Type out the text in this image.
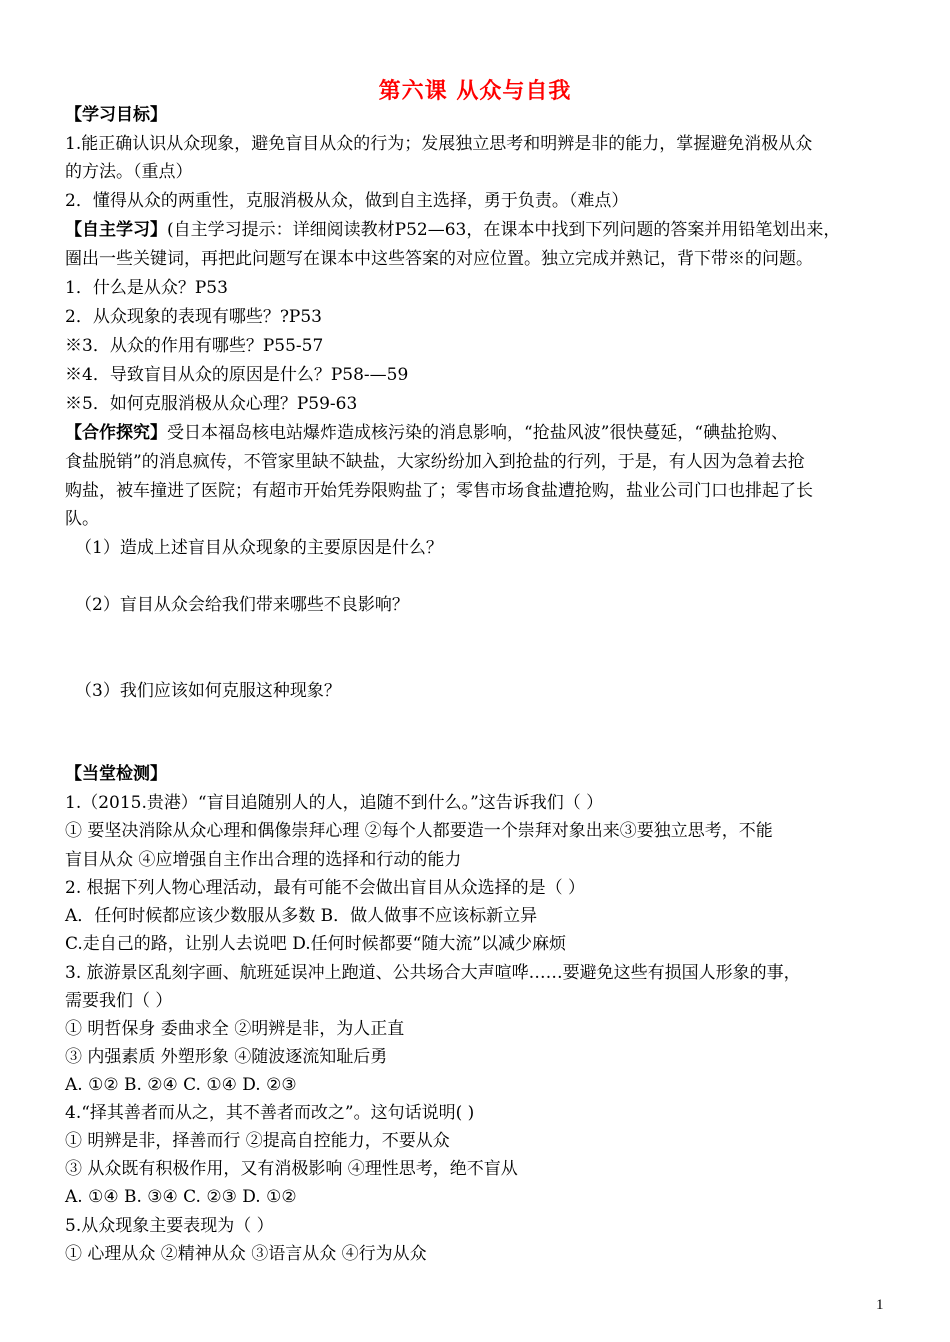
第六课 从众与自我
【学习目标】
1.能正确认识从众现象，避免盲目从众的行为；发展独立思考和明辨是非的能力，掌握避免消极从众
的方法。（重点）
2．懂得从众的两重性，克服消极从众，做到自主选择，勇于负责。（难点）
【自主学习】(自主学习提示：详细阅读教材P52—63，在课本中找到下列问题的答案并用铅笔划出来，
圈出一些关键词，再把此问题写在课本中这些答案的对应位置。独立完成并熟记，背下带※的问题。
1．什么是从众？P53
2．从众现象的表现有哪些？?P53
※3．从众的作用有哪些？P55-57
※4．导致盲目从众的原因是什么？P58-—59
※5．如何克服消极从众心理？P59-63
【合作探究】受日本福岛核电站爆炸造成核污染的消息影响，“抢盐风波”很快蔓延，“碘盐抢购、
食盐脱销”的消息疯传，不管家里缺不缺盐，大家纷纷加入到抢盐的行列，于是，有人因为急着去抢
购盐，被车撞进了医院；有超市开始凭券限购盐了；零售市场食盐遭抢购，盐业公司门口也排起了长
队。
（1）造成上述盲目从众现象的主要原因是什么？
（2）盲目从众会给我们带来哪些不良影响？
（3）我们应该如何克服这种现象？
【当堂检测】
1.（2015.贵港）“盲目追随别人的人，追随不到什么。”这告诉我们（ ）
① 要坚决消除从众心理和偶像崇拜心理 ②每个人都要造一个崇拜对象出来③要独立思考，不能
盲目从众 ④应增强自主作出合理的选择和行动的能力
2. 根据下列人物心理活动，最有可能不会做出盲目从众选择的是（ ）
A．任何时候都应该少数服从多数 B．做人做事不应该标新立异
C.走自己的路，让别人去说吧 D.任何时候都要“随大流”以减少麻烦
3. 旅游景区乱刻字画、航班延误冲上跑道、公共场合大声喧哗……要避免这些有损国人形象的事，
需要我们（ ）
① 明哲保身 委曲求全 ②明辨是非，为人正直
③ 内强素质 外塑形象 ④随波逐流知耻后勇
A. ①② B. ②④ C. ①④ D. ②③
4.“择其善者而从之，其不善者而改之”。这句话说明( )
① 明辨是非，择善而行 ②提高自控能力，不要从众
③ 从众既有积极作用，又有消极影响 ④理性思考，绝不盲从
A. ①④ B. ③④ C. ②③ D. ①②
5.从众现象主要表现为（ ）
① 心理从众 ②精神从众 ③语言从众 ④行为从众
1
